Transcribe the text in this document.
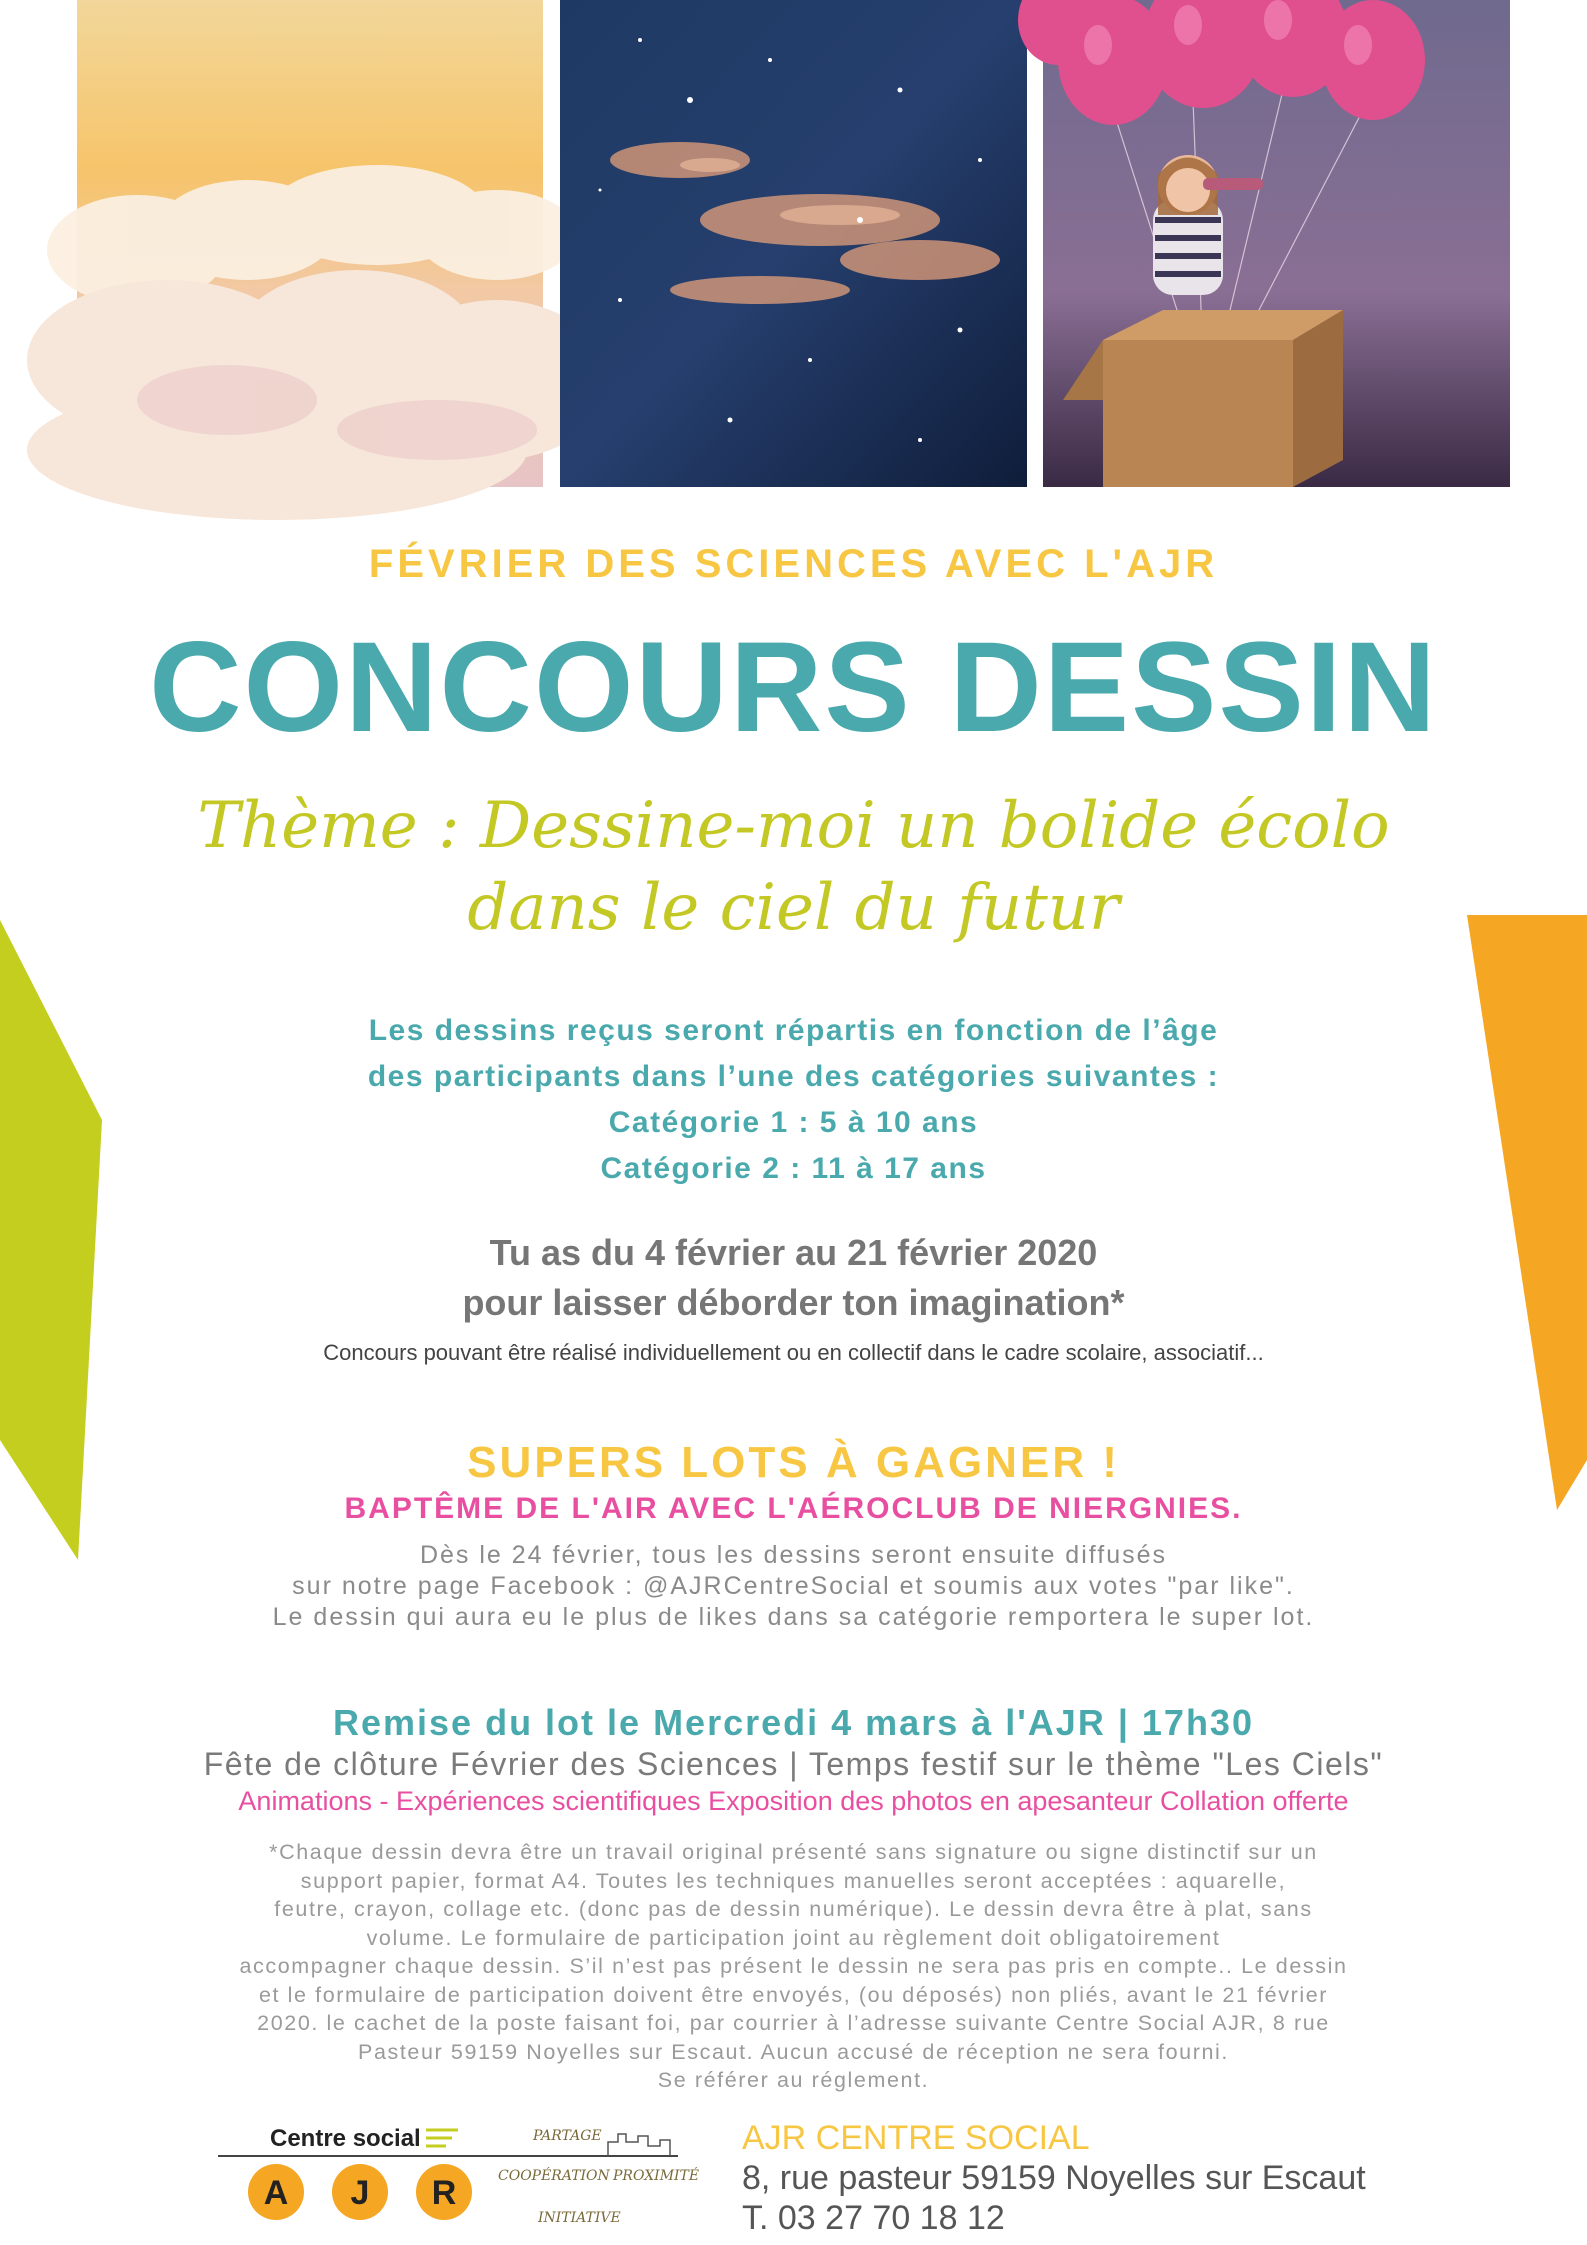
FÉVRIER DES SCIENCES AVEC L'AJR
CONCOURS DESSIN
Thème : Dessine-moi un bolide écolo
dans le ciel du futur
Les dessins reçus seront répartis en fonction de l’âge
des participants dans l’une des catégories suivantes :
Catégorie 1 : 5 à 10 ans
Catégorie 2 : 11 à 17 ans
Tu as du 4 février au 21 février 2020
pour laisser déborder ton imagination*
Concours pouvant être réalisé individuellement ou en collectif dans le cadre scolaire, associatif...
SUPERS LOTS À GAGNER !
BAPTÊME DE L'AIR AVEC L'AÉROCLUB DE NIERGNIES.
Dès le 24 février, tous les dessins seront ensuite diffusés
sur notre page Facebook : @AJRCentreSocial et soumis aux votes "par like".
Le dessin qui aura eu le plus de likes dans sa catégorie remportera le super lot.
Remise du lot le Mercredi 4 mars à l'AJR | 17h30
Fête de clôture Février des Sciences | Temps festif sur le thème "Les Ciels"
Animations - Expériences scientifiques Exposition des photos en apesanteur Collation offerte
*Chaque dessin devra être un travail original présenté sans signature ou signe distinctif sur un
support papier, format A4. Toutes les techniques manuelles seront acceptées : aquarelle,
feutre, crayon, collage etc. (donc pas de dessin numérique). Le dessin devra être à plat, sans
volume. Le formulaire de participation joint au règlement doit obligatoirement
accompagner chaque dessin. S’il n’est pas présent le dessin ne sera pas pris en compte.. Le dessin
et le formulaire de participation doivent être envoyés, (ou déposés) non pliés, avant le 21 février
2020. le cachet de la poste faisant foi, par courrier à l’adresse suivante Centre Social AJR, 8 rue
Pasteur 59159 Noyelles sur Escaut. Aucun accusé de réception ne sera fourni.
Se référer au réglement.
Centre social
A J R
PARTAGE
COOPÉRATION PROXIMITÉ
INITIATIVE
AJR CENTRE SOCIAL
8, rue pasteur 59159 Noyelles sur Escaut
T. 03 27 70 18 12
